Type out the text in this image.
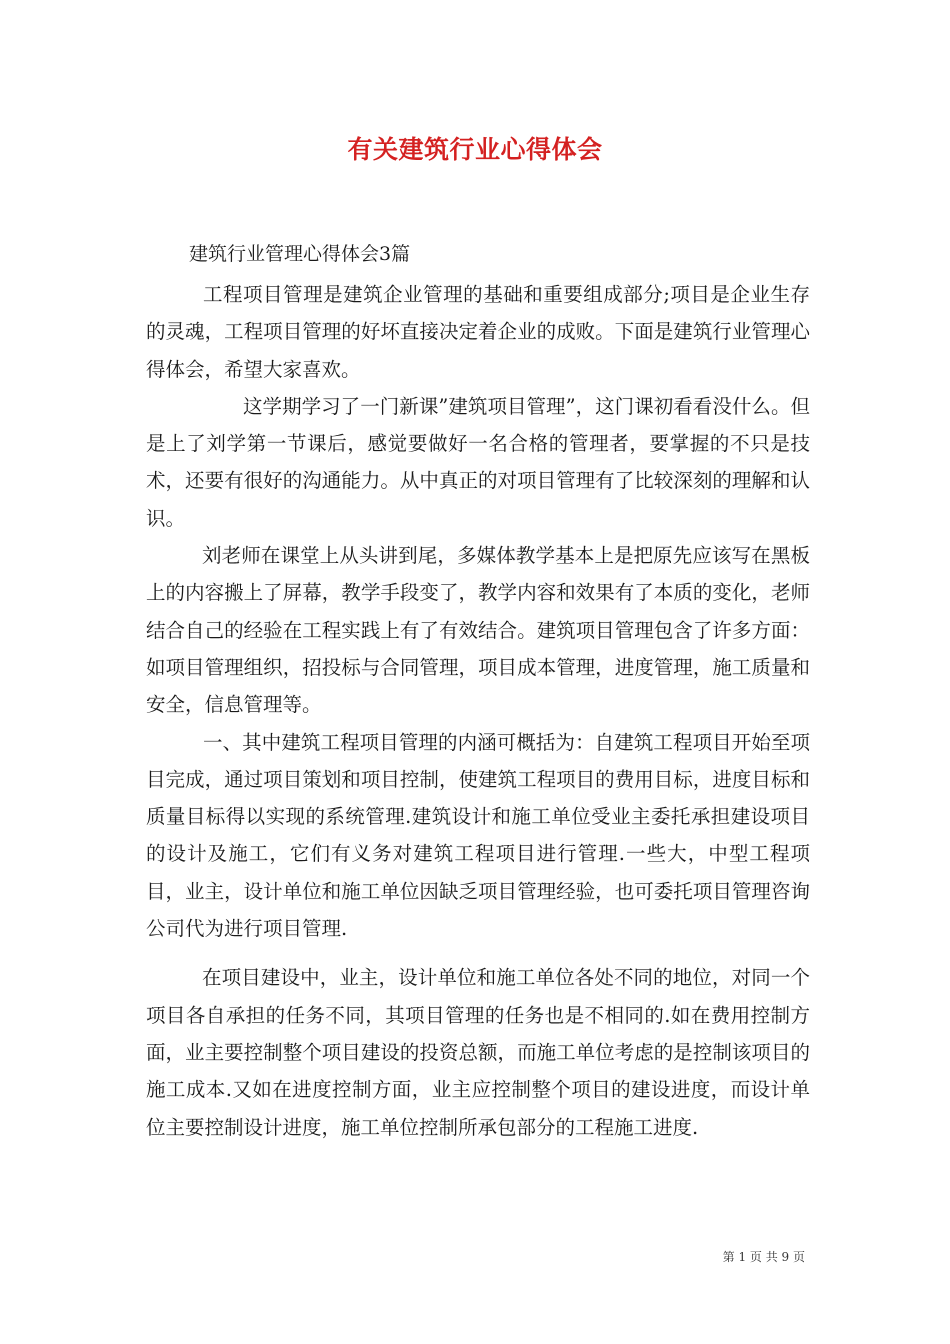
有关建筑行业心得体会
建筑行业管理心得体会3篇

工程项目管理是建筑企业管理的基础和重要组成部分;项目是企业生存的灵魂，工程项目管理的好坏直接决定着企业的成败。下面是建筑行业管理心得体会，希望大家喜欢。

这学期学习了一门新课”建筑项目管理”，这门课初看看没什么。但是上了刘学第一节课后，感觉要做好一名合格的管理者，要掌握的不只是技术，还要有很好的沟通能力。从中真正的对项目管理有了比较深刻的理解和认识。

刘老师在课堂上从头讲到尾，多媒体教学基本上是把原先应该写在黑板上的内容搬上了屏幕，教学手段变了，教学内容和效果有了本质的变化，老师结合自己的经验在工程实践上有了有效结合。建筑项目管理包含了许多方面：如项目管理组织，招投标与合同管理，项目成本管理，进度管理，施工质量和安全，信息管理等。

一、其中建筑工程项目管理的内涵可概括为：自建筑工程项目开始至项目完成，通过项目策划和项目控制，使建筑工程项目的费用目标，进度目标和质量目标得以实现的系统管理.建筑设计和施工单位受业主委托承担建设项目的设计及施工，它们有义务对建筑工程项目进行管理.一些大，中型工程项目，业主，设计单位和施工单位因缺乏项目管理经验，也可委托项目管理咨询公司代为进行项目管理.

在项目建设中，业主，设计单位和施工单位各处不同的地位，对同一个项目各自承担的任务不同，其项目管理的任务也是不相同的.如在费用控制方面，业主要控制整个项目建设的投资总额，而施工单位考虑的是控制该项目的施工成本.又如在进度控制方面，业主应控制整个项目的建设进度，而设计单位主要控制设计进度，施工单位控制所承包部分的工程施工进度.

第 1 页 共 9 页
